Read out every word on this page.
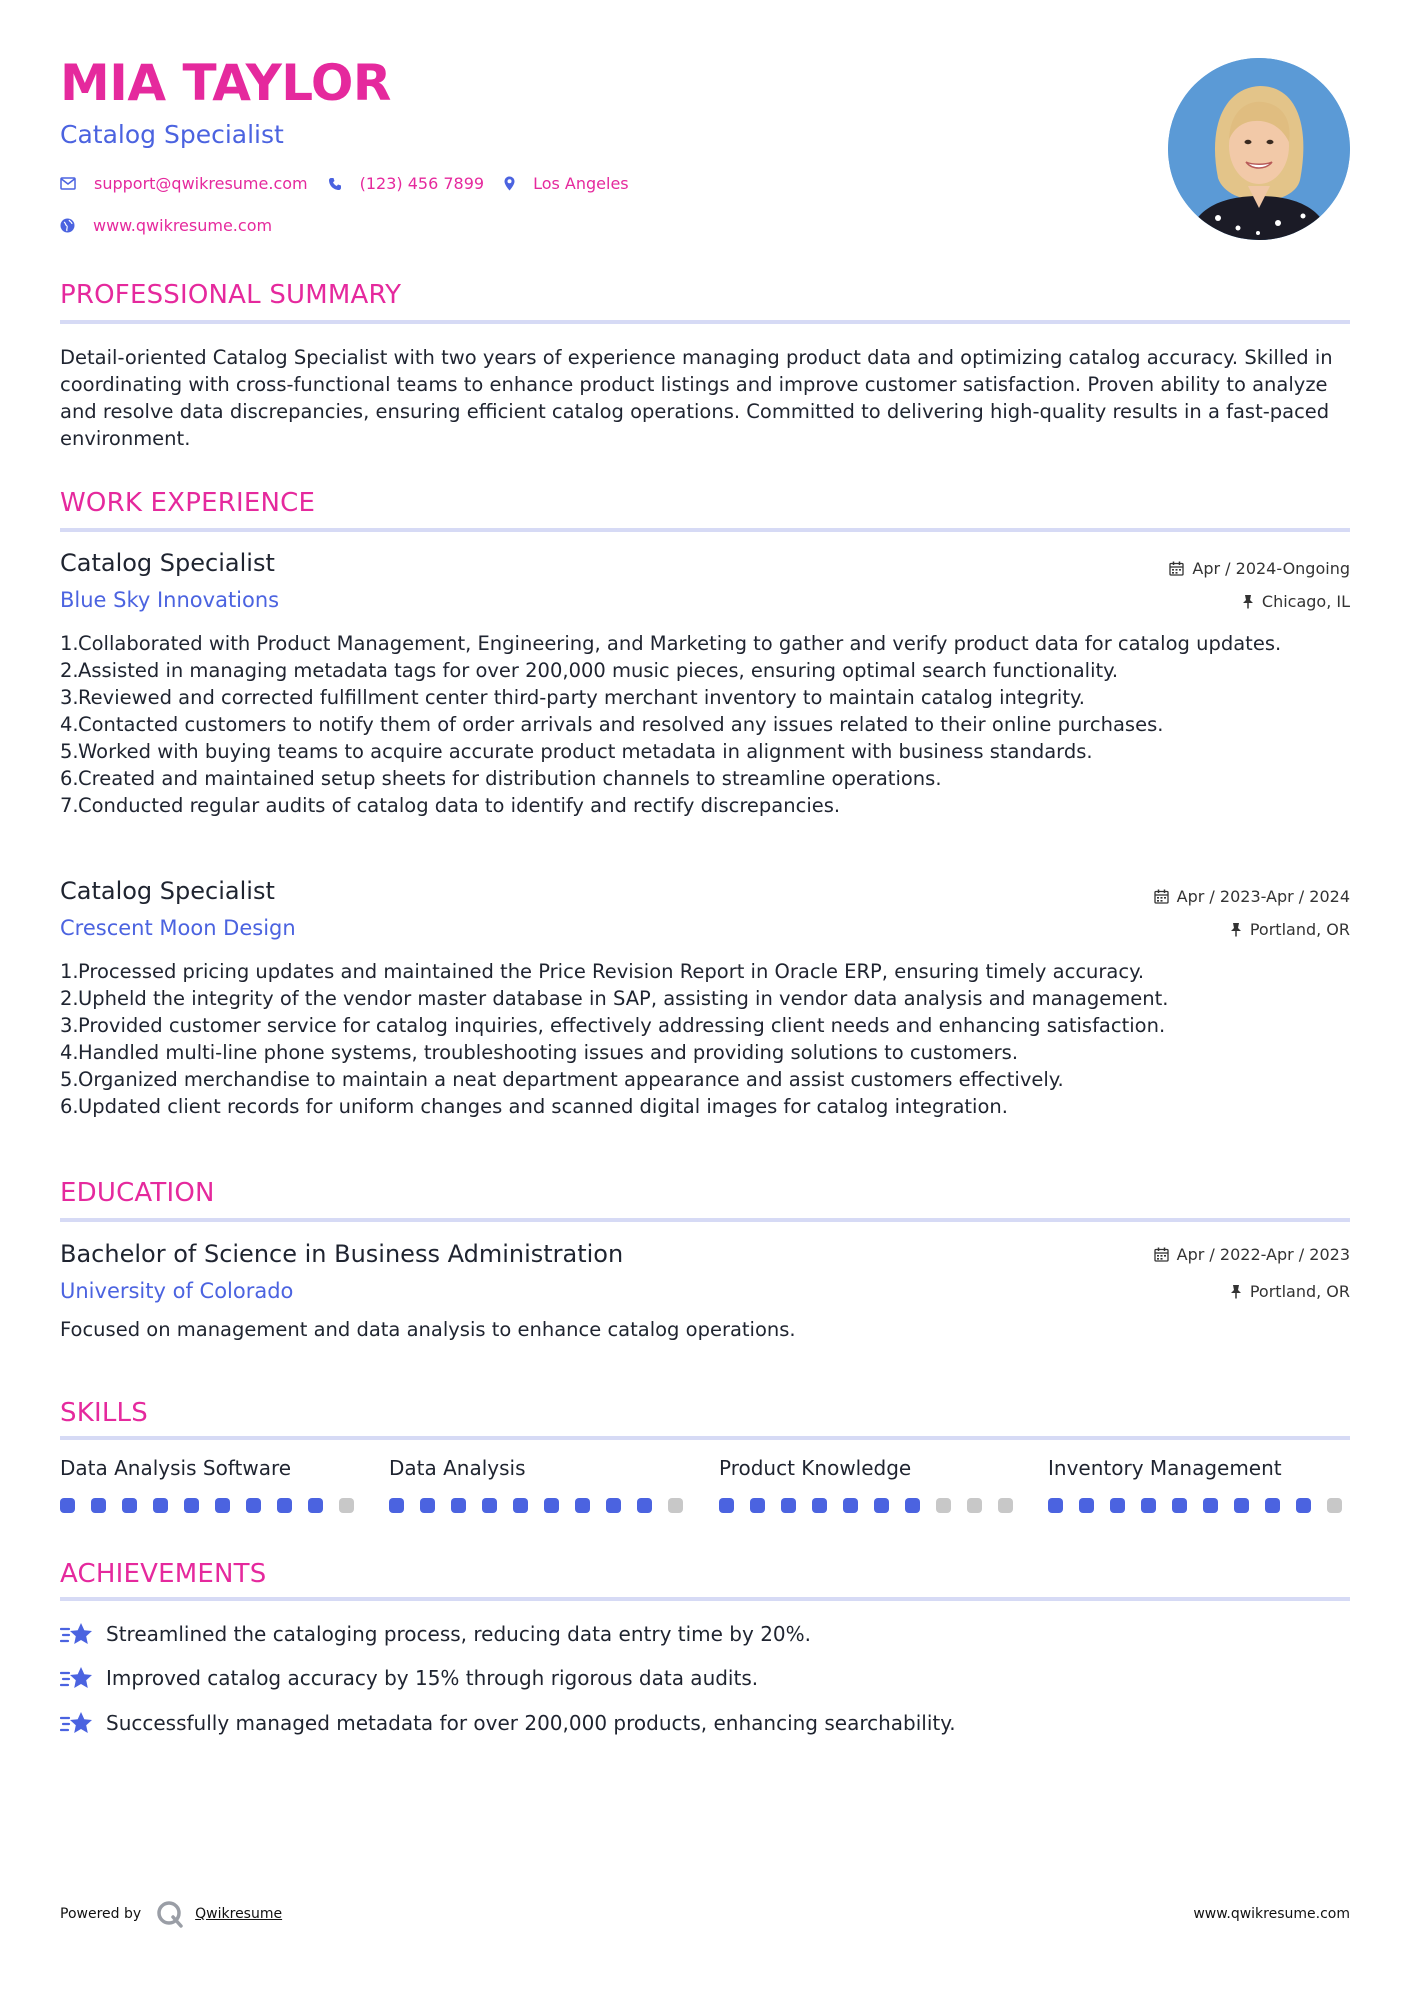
MIA TAYLOR
Catalog Specialist
support@qwikresume.com	(123) 456 7899	Los Angeles
www.qwikresume.com
PROFESSIONAL SUMMARY
Detail-oriented Catalog Specialist with two years of experience managing product data and optimizing catalog accuracy. Skilled in coordinating with cross-functional teams to enhance product listings and improve customer satisfaction. Proven ability to analyze and resolve data discrepancies, ensuring efficient catalog operations. Committed to delivering high-quality results in a fast-paced environment.
WORK EXPERIENCE
Catalog Specialist	Apr / 2024-Ongoing
Blue Sky Innovations	Chicago, IL
1. Collaborated with Product Management, Engineering, and Marketing to gather and verify product data for catalog updates.
2. Assisted in managing metadata tags for over 200,000 music pieces, ensuring optimal search functionality.
3. Reviewed and corrected fulfillment center third-party merchant inventory to maintain catalog integrity.
4. Contacted customers to notify them of order arrivals and resolved any issues related to their online purchases.
5. Worked with buying teams to acquire accurate product metadata in alignment with business standards.
6. Created and maintained setup sheets for distribution channels to streamline operations.
7. Conducted regular audits of catalog data to identify and rectify discrepancies.
Catalog Specialist	Apr / 2023-Apr / 2024
Crescent Moon Design	Portland, OR
1. Processed pricing updates and maintained the Price Revision Report in Oracle ERP, ensuring timely accuracy.
2. Upheld the integrity of the vendor master database in SAP, assisting in vendor data analysis and management.
3. Provided customer service for catalog inquiries, effectively addressing client needs and enhancing satisfaction.
4. Handled multi-line phone systems, troubleshooting issues and providing solutions to customers.
5. Organized merchandise to maintain a neat department appearance and assist customers effectively.
6. Updated client records for uniform changes and scanned digital images for catalog integration.
EDUCATION
Bachelor of Science in Business Administration	Apr / 2022-Apr / 2023
University of Colorado	Portland, OR
Focused on management and data analysis to enhance catalog operations.
SKILLS
Data Analysis Software	Data Analysis	Product Knowledge	Inventory Management
ACHIEVEMENTS
Streamlined the cataloging process, reducing data entry time by 20%.
Improved catalog accuracy by 15% through rigorous data audits.
Successfully managed metadata for over 200,000 products, enhancing searchability.
Powered by	Qwikresume	www.qwikresume.com
